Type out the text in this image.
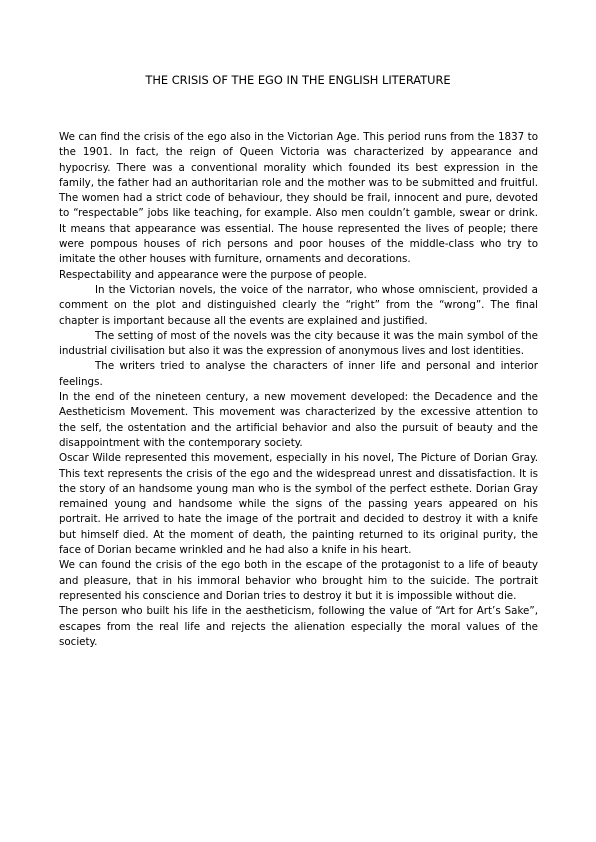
THE CRISIS OF THE EGO IN THE ENGLISH LITERATURE

We can find the crisis of the ego also in the Victorian Age. This period runs from the 1837 to the 1901. In fact, the reign of Queen Victoria was characterized by appearance and hypocrisy. There was a conventional morality which founded its best expression in the family, the father had an authoritarian role and the mother was to be submitted and fruitful. The women had a strict code of behaviour, they should be frail, innocent and pure, devoted to “respectable” jobs like teaching, for example. Also men couldn’t gamble, swear or drink. It means that appearance was essential. The house represented the lives of people; there were pompous houses of rich persons and poor houses of the middle-class who try to imitate the other houses with furniture, ornaments and decorations.

Respectability and appearance were the purpose of people.

In the Victorian novels, the voice of the narrator, who whose omniscient, provided a comment on the plot and distinguished clearly the “right” from the “wrong”. The final chapter is important because all the events are explained and justified.

The setting of most of the novels was the city because it was the main symbol of the industrial civilisation but also it was the expression of anonymous lives and lost identities.

The writers tried to analyse the characters of inner life and personal and interior feelings.

In the end of the nineteen century, a new movement developed: the Decadence and the Aestheticism Movement. This movement was characterized by the excessive attention to the self, the ostentation and the artificial behavior and also the pursuit of beauty and the disappointment with the contemporary society.

Oscar Wilde represented this movement, especially in his novel, The Picture of Dorian Gray. This text represents the crisis of the ego and the widespread unrest and dissatisfaction. It is the story of an handsome young man who is the symbol of the perfect esthete. Dorian Gray remained young and handsome while the signs of the passing years appeared on his portrait. He arrived to hate the image of the portrait and decided to destroy it with a knife but himself died. At the moment of death, the painting returned to its original purity, the face of Dorian became wrinkled and he had also a knife in his heart.

We can found the crisis of the ego both in the escape of the protagonist to a life of beauty and pleasure, that in his immoral behavior who brought him to the suicide. The portrait represented his conscience and Dorian tries to destroy it but it is impossible without die.

The person who built his life in the aestheticism, following the value of “Art for Art’s Sake”, escapes from the real life and rejects the alienation especially the moral values of the society.
